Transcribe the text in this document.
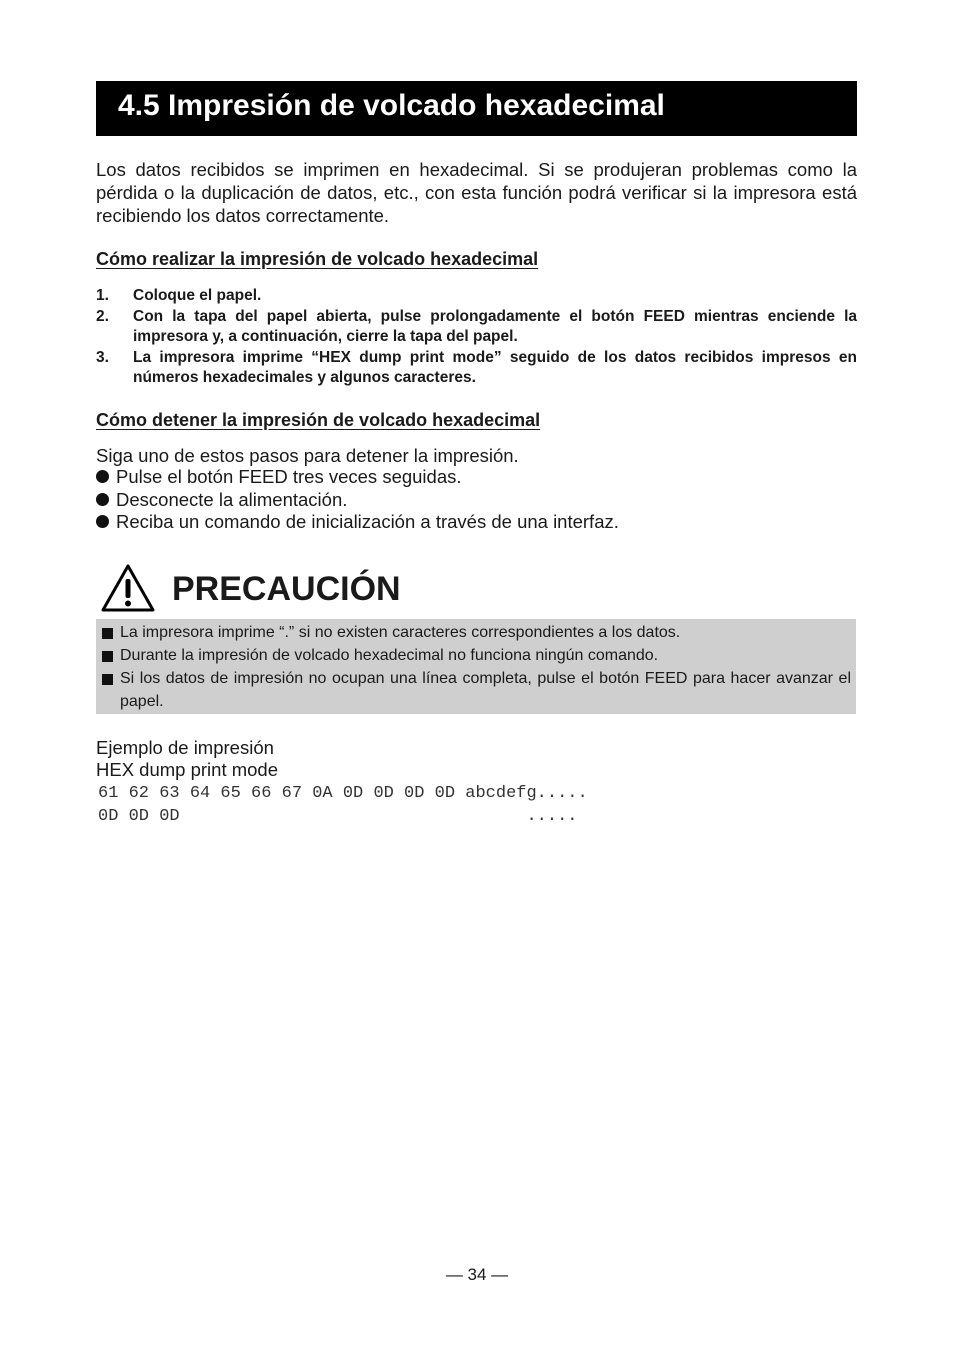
4.5 Impresión de volcado hexadecimal
Los datos recibidos se imprimen en hexadecimal. Si se produjeran problemas como la pérdida o la duplicación de datos, etc., con esta función podrá verificar si la impresora está recibiendo los datos correctamente.
Cómo realizar la impresión de volcado hexadecimal
1. Coloque el papel.
2. Con la tapa del papel abierta, pulse prolongadamente el botón FEED mientras enciende la impresora y, a continuación, cierre la tapa del papel.
3. La impresora imprime “HEX dump print mode” seguido de los datos recibidos impresos en números hexadecimales y algunos caracteres.
Cómo detener la impresión de volcado hexadecimal
Siga uno de estos pasos para detener la impresión.
Pulse el botón FEED tres veces seguidas.
Desconecte la alimentación.
Reciba un comando de inicialización a través de una interfaz.
PRECAUCIÓN
La impresora imprime “.” si no existen caracteres correspondientes a los datos.
Durante la impresión de volcado hexadecimal no funciona ningún comando.
Si los datos de impresión no ocupan una línea completa, pulse el botón FEED para hacer avanzar el papel.
Ejemplo de impresión
HEX dump print mode
61 62 63 64 65 66 67 0A 0D 0D 0D 0D abcdefg.....
0D 0D 0D                                  .....
— 34 —
